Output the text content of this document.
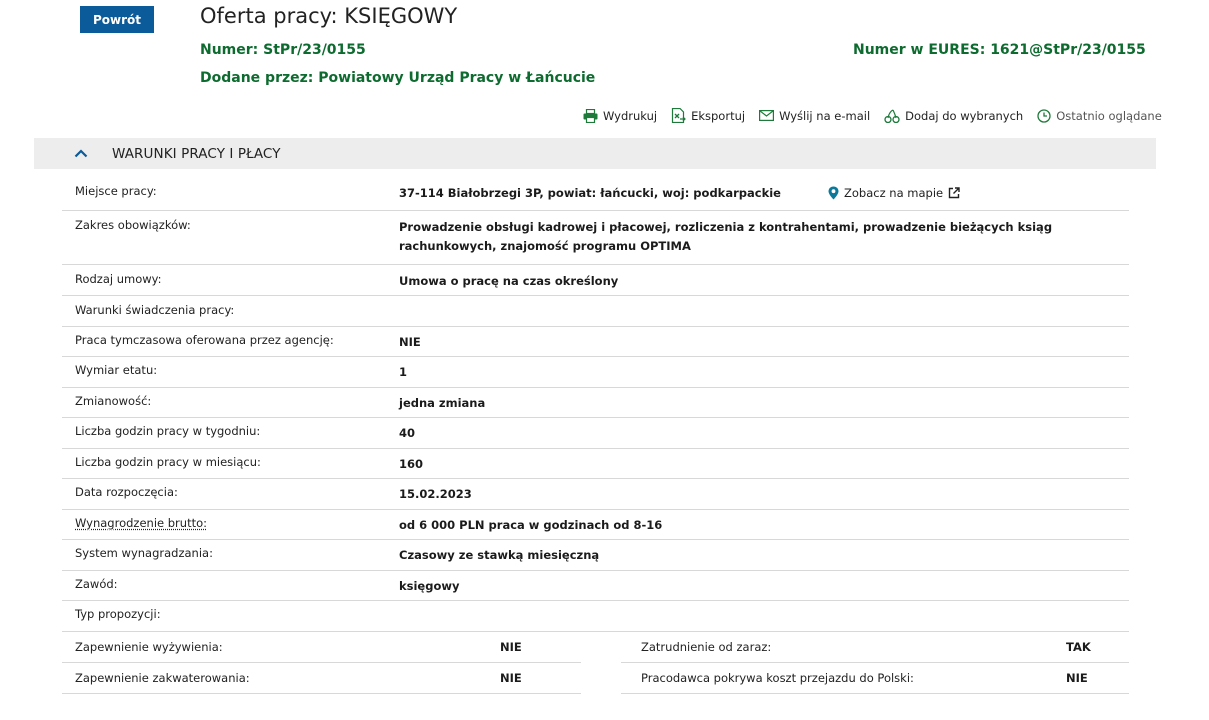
Powrót	Oferta pracy: KSIĘGOWY
Numer: StPr/23/0155	Numer w EURES: 1621@StPr/23/0155
Dodane przez: Powiatowy Urząd Pracy w Łańcucie
Wydrukuj	Eksportuj	Wyślij na e-mail	Dodaj do wybranych	Ostatnio oglądane
WARUNKI PRACY I PŁACY
Miejsce pracy:	37-114 Białobrzegi 3P, powiat: łańcucki, woj: podkarpackie	Zobacz na mapie
Zakres obowiązków:	Prowadzenie obsługi kadrowej i płacowej, rozliczenia z kontrahentami, prowadzenie bieżących ksiąg rachunkowych, znajomość programu OPTIMA
Rodzaj umowy:	Umowa o pracę na czas określony
Warunki świadczenia pracy:
Praca tymczasowa oferowana przez agencję:	NIE
Wymiar etatu:	1
Zmianowość:	jedna zmiana
Liczba godzin pracy w tygodniu:	40
Liczba godzin pracy w miesiącu:	160
Data rozpoczęcia:	15.02.2023
Wynagrodzenie brutto:	od 6 000 PLN praca w godzinach od 8-16
System wynagradzania:	Czasowy ze stawką miesięczną
Zawód:	księgowy
Typ propozycji:
Zapewnienie wyżywienia:	NIE	Zatrudnienie od zaraz:	TAK
Zapewnienie zakwaterowania:	NIE	Pracodawca pokrywa koszt przejazdu do Polski:	NIE
